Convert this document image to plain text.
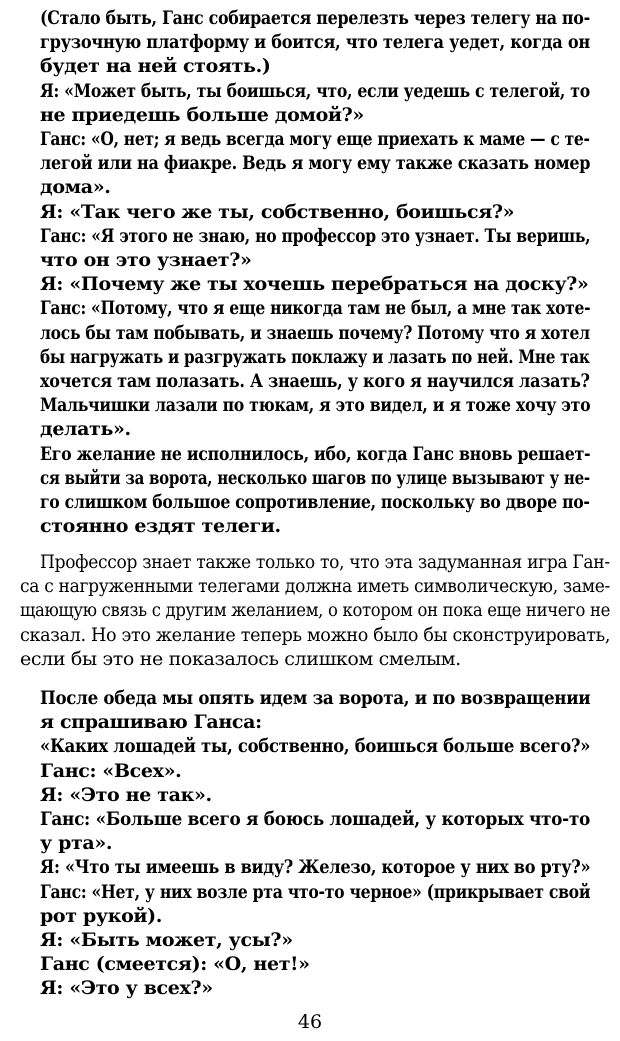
(Стало быть, Ганс собирается перелезть через телегу на по-
грузочную платформу и боится, что телега уедет, когда он
будет на ней стоять.)
Я: «Может быть, ты боишься, что, если уедешь с телегой, то
не приедешь больше домой?»
Ганс: «О, нет; я ведь всегда могу еще приехать к маме — с те-
легой или на фиакре. Ведь я могу ему также сказать номер
дома».
Я: «Так чего же ты, собственно, боишься?»
Ганс: «Я этого не знаю, но профессор это узнает. Ты веришь,
что он это узнает?»
Я: «Почему же ты хочешь перебраться на доску?»
Ганс: «Потому, что я еще никогда там не был, а мне так хоте-
лось бы там побывать, и знаешь почему? Потому что я хотел
бы нагружать и разгружать поклажу и лазать по ней. Мне так
хочется там полазать. А знаешь, у кого я научился лазать?
Мальчишки лазали по тюкам, я это видел, и я тоже хочу это
делать».
Его желание не исполнилось, ибо, когда Ганс вновь решает-
ся выйти за ворота, несколько шагов по улице вызывают у не-
го слишком большое сопротивление, поскольку во дворе по-
стоянно ездят телеги.
Профессор знает также только то, что эта задуманная игра Ган-
са с нагруженными телегами должна иметь символическую, заме-
щающую связь с другим желанием, о котором он пока еще ничего не
сказал. Но это желание теперь можно было бы сконструировать,
если бы это не показалось слишком смелым.
После обеда мы опять идем за ворота, и по возвращении
я спрашиваю Ганса:
«Каких лошадей ты, собственно, боишься больше всего?»
Ганс: «Всех».
Я: «Это не так».
Ганс: «Больше всего я боюсь лошадей, у которых что-то
у рта».
Я: «Что ты имеешь в виду? Железо, которое у них во рту?»
Ганс: «Нет, у них возле рта что-то черное» (прикрывает свой
рот рукой).
Я: «Быть может, усы?»
Ганс (смеется): «О, нет!»
Я: «Это у всех?»
46
